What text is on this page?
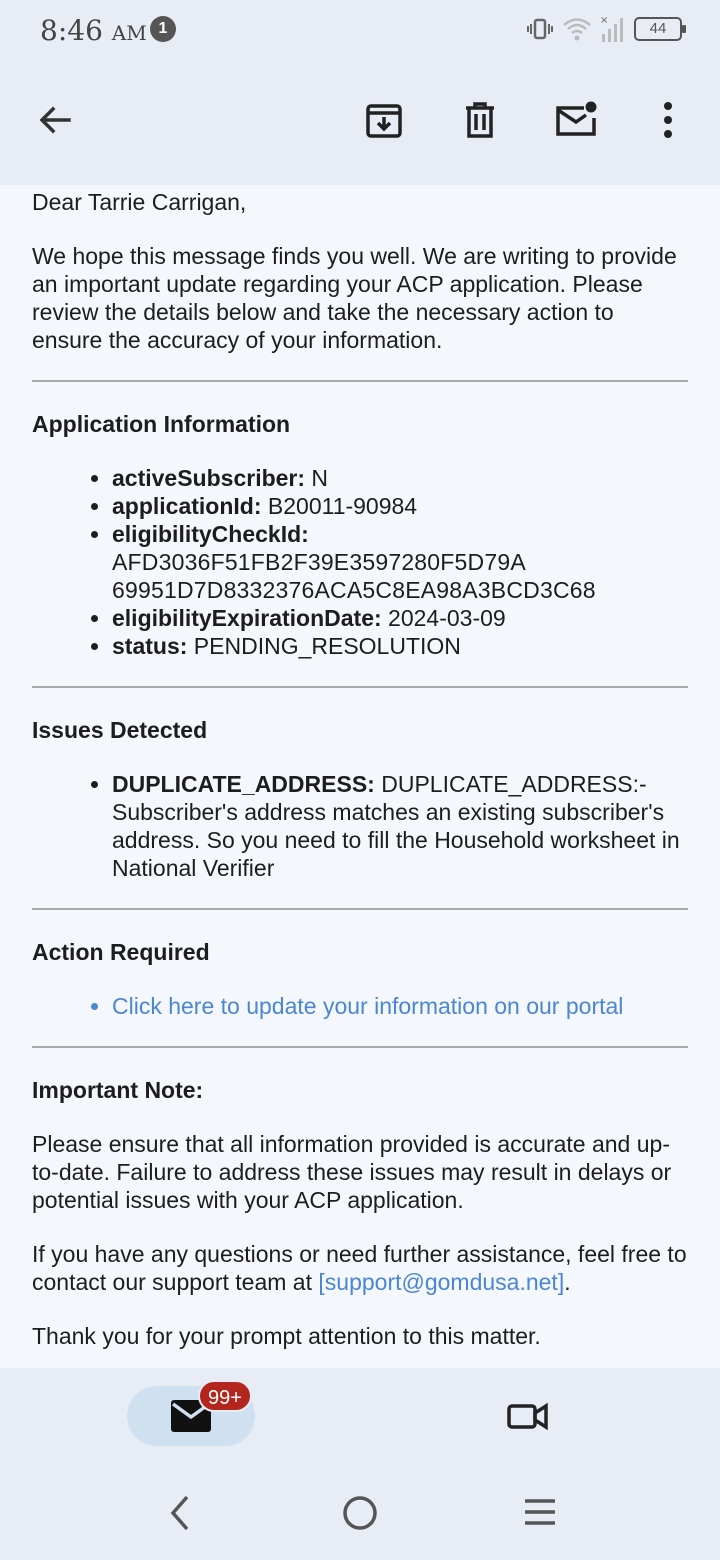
8:46 AM 1	×	44
Dear Tarrie Carrigan,
We hope this message finds you well. We are writing to provide an important update regarding your ACP application. Please review the details below and take the necessary action to ensure the accuracy of your information.
Application Information
• activeSubscriber: N
• applicationId: B20011-90984
• eligibilityCheckId:
AFD3036F51FB2F39E3597280F5D79A 69951D7D8332376ACA5C8EA98A3BCD3C68
• eligibilityExpirationDate: 2024-03-09
• status: PENDING_RESOLUTION
Issues Detected
• DUPLICATE_ADDRESS: DUPLICATE_ADDRESS:- Subscriber's address matches an existing subscriber's address. So you need to fill the Household worksheet in National Verifier
Action Required
• Click here to update your information on our portal
Important Note:
Please ensure that all information provided is accurate and up-to-date. Failure to address these issues may result in delays or potential issues with your ACP application.
If you have any questions or need further assistance, feel free to contact our support team at [support@gomdusa.net].
Thank you for your prompt attention to this matter.
99+
